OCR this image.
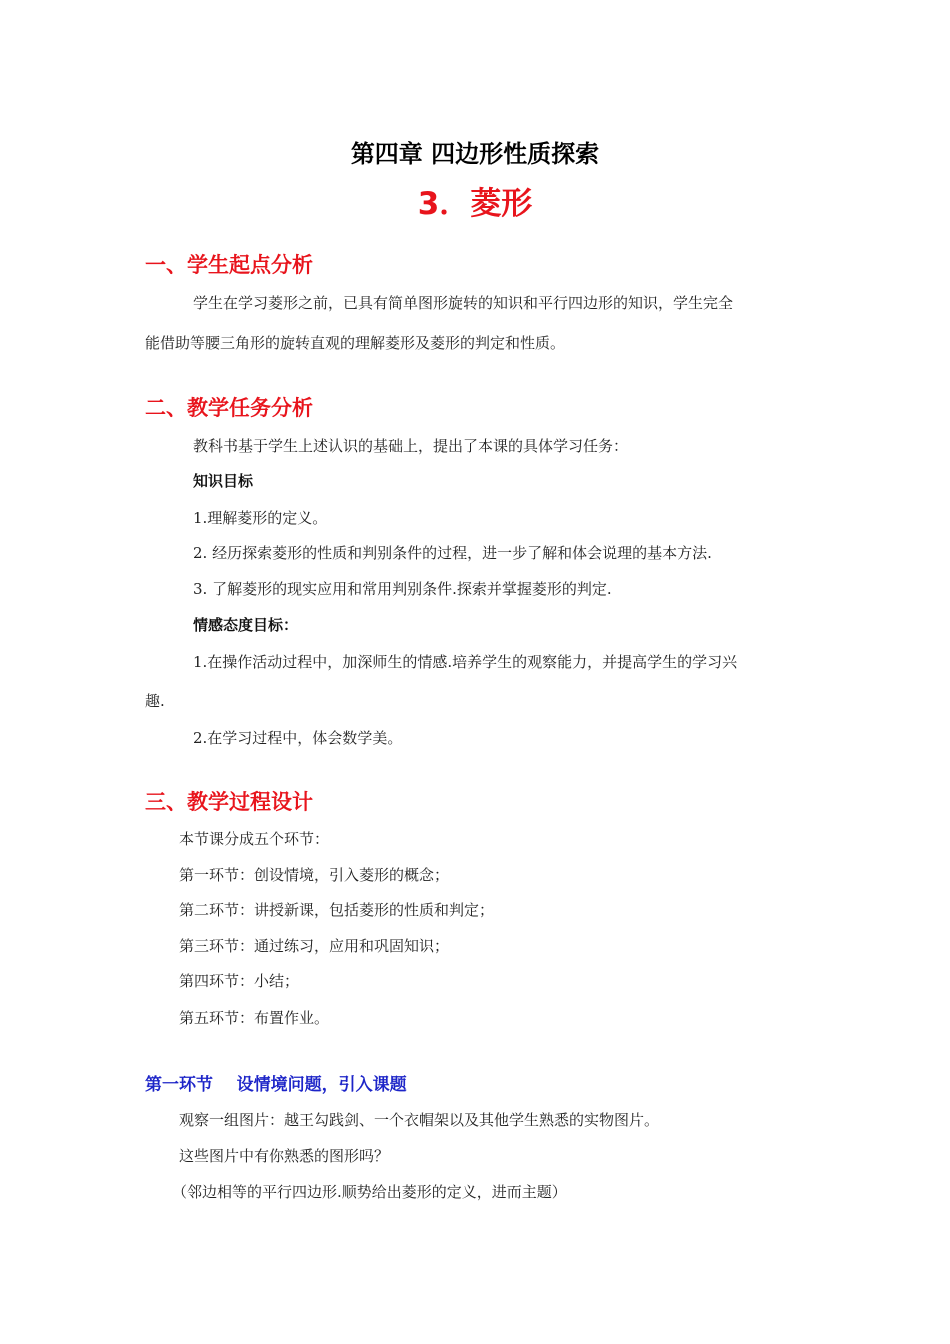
第四章 四边形性质探索
3．菱形
一、学生起点分析
学生在学习菱形之前，已具有简单图形旋转的知识和平行四边形的知识，学生完全
能借助等腰三角形的旋转直观的理解菱形及菱形的判定和性质。
二、教学任务分析
教科书基于学生上述认识的基础上，提出了本课的具体学习任务：
知识目标
1.理解菱形的定义。
2. 经历探索菱形的性质和判别条件的过程，进一步了解和体会说理的基本方法.
3. 了解菱形的现实应用和常用判别条件.探索并掌握菱形的判定.
情感态度目标：
1.在操作活动过程中，加深师生的情感.培养学生的观察能力，并提高学生的学习兴
趣.
2.在学习过程中，体会数学美。
三、教学过程设计
本节课分成五个环节：
第一环节：创设情境，引入菱形的概念；
第二环节：讲授新课，包括菱形的性质和判定；
第三环节：通过练习，应用和巩固知识；
第四环节：小结；
第五环节：布置作业。
第一环节    设情境问题，引入课题
观察一组图片：越王勾践剑、一个衣帽架以及其他学生熟悉的实物图片。
这些图片中有你熟悉的图形吗？
（邻边相等的平行四边形.顺势给出菱形的定义，进而主题）
